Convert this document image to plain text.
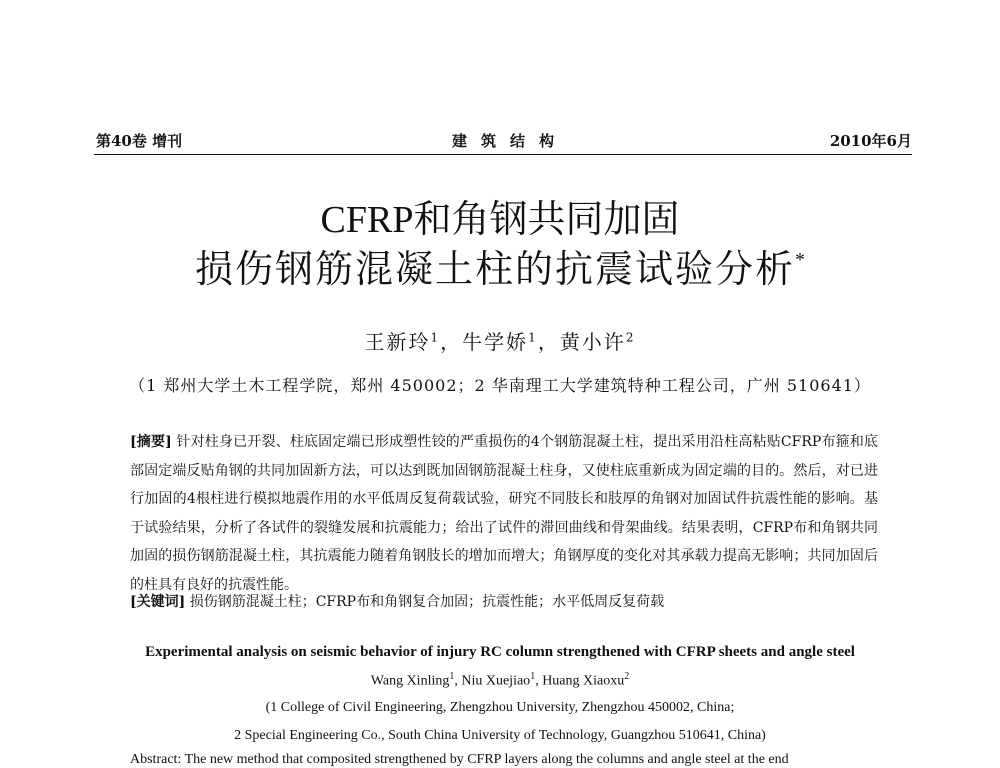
第40卷 增刊	建筑结构	2010年6月
CFRP和角钢共同加固
损伤钢筋混凝土柱的抗震试验分析*
王新玲$^1$，牛学娇$^1$，黄小许$^2$
（1 郑州大学土木工程学院，郑州 450002；2 华南理工大学建筑特种工程公司，广州 510641）
[摘要] 针对柱身已开裂、柱底固定端已形成塑性铰的严重损伤的4个钢筋混凝土柱，提出采用沿柱高粘贴CFRP布箍和底部固定端反贴角钢的共同加固新方法，可以达到既加固钢筋混凝土柱身，又使柱底重新成为固定端的目的。然后，对已进行加固的4根柱进行模拟地震作用的水平低周反复荷载试验，研究不同肢长和肢厚的角钢对加固试件抗震性能的影响。基于试验结果，分析了各试件的裂缝发展和抗震能力；给出了试件的滞回曲线和骨架曲线。结果表明，CFRP布和角钢共同加固的损伤钢筋混凝土柱，其抗震能力随着角钢肢长的增加而增大；角钢厚度的变化对其承载力提高无影响；共同加固后的柱具有良好的抗震性能。
[关键词] 损伤钢筋混凝土柱；CFRP布和角钢复合加固；抗震性能；水平低周反复荷载
Experimental analysis on seismic behavior of injury RC column strengthened with CFRP sheets and angle steel
Wang Xinling$^1$, Niu Xuejiao$^1$, Huang Xiaoxu$^2$
(1 College of Civil Engineering, Zhengzhou University, Zhengzhou 450002, China;
2 Special Engineering Co., South China University of Technology, Guangzhou 510641, China)
Abstract: The new method that composited strengthened by CFRP layers along the columns and angle steel at the end
